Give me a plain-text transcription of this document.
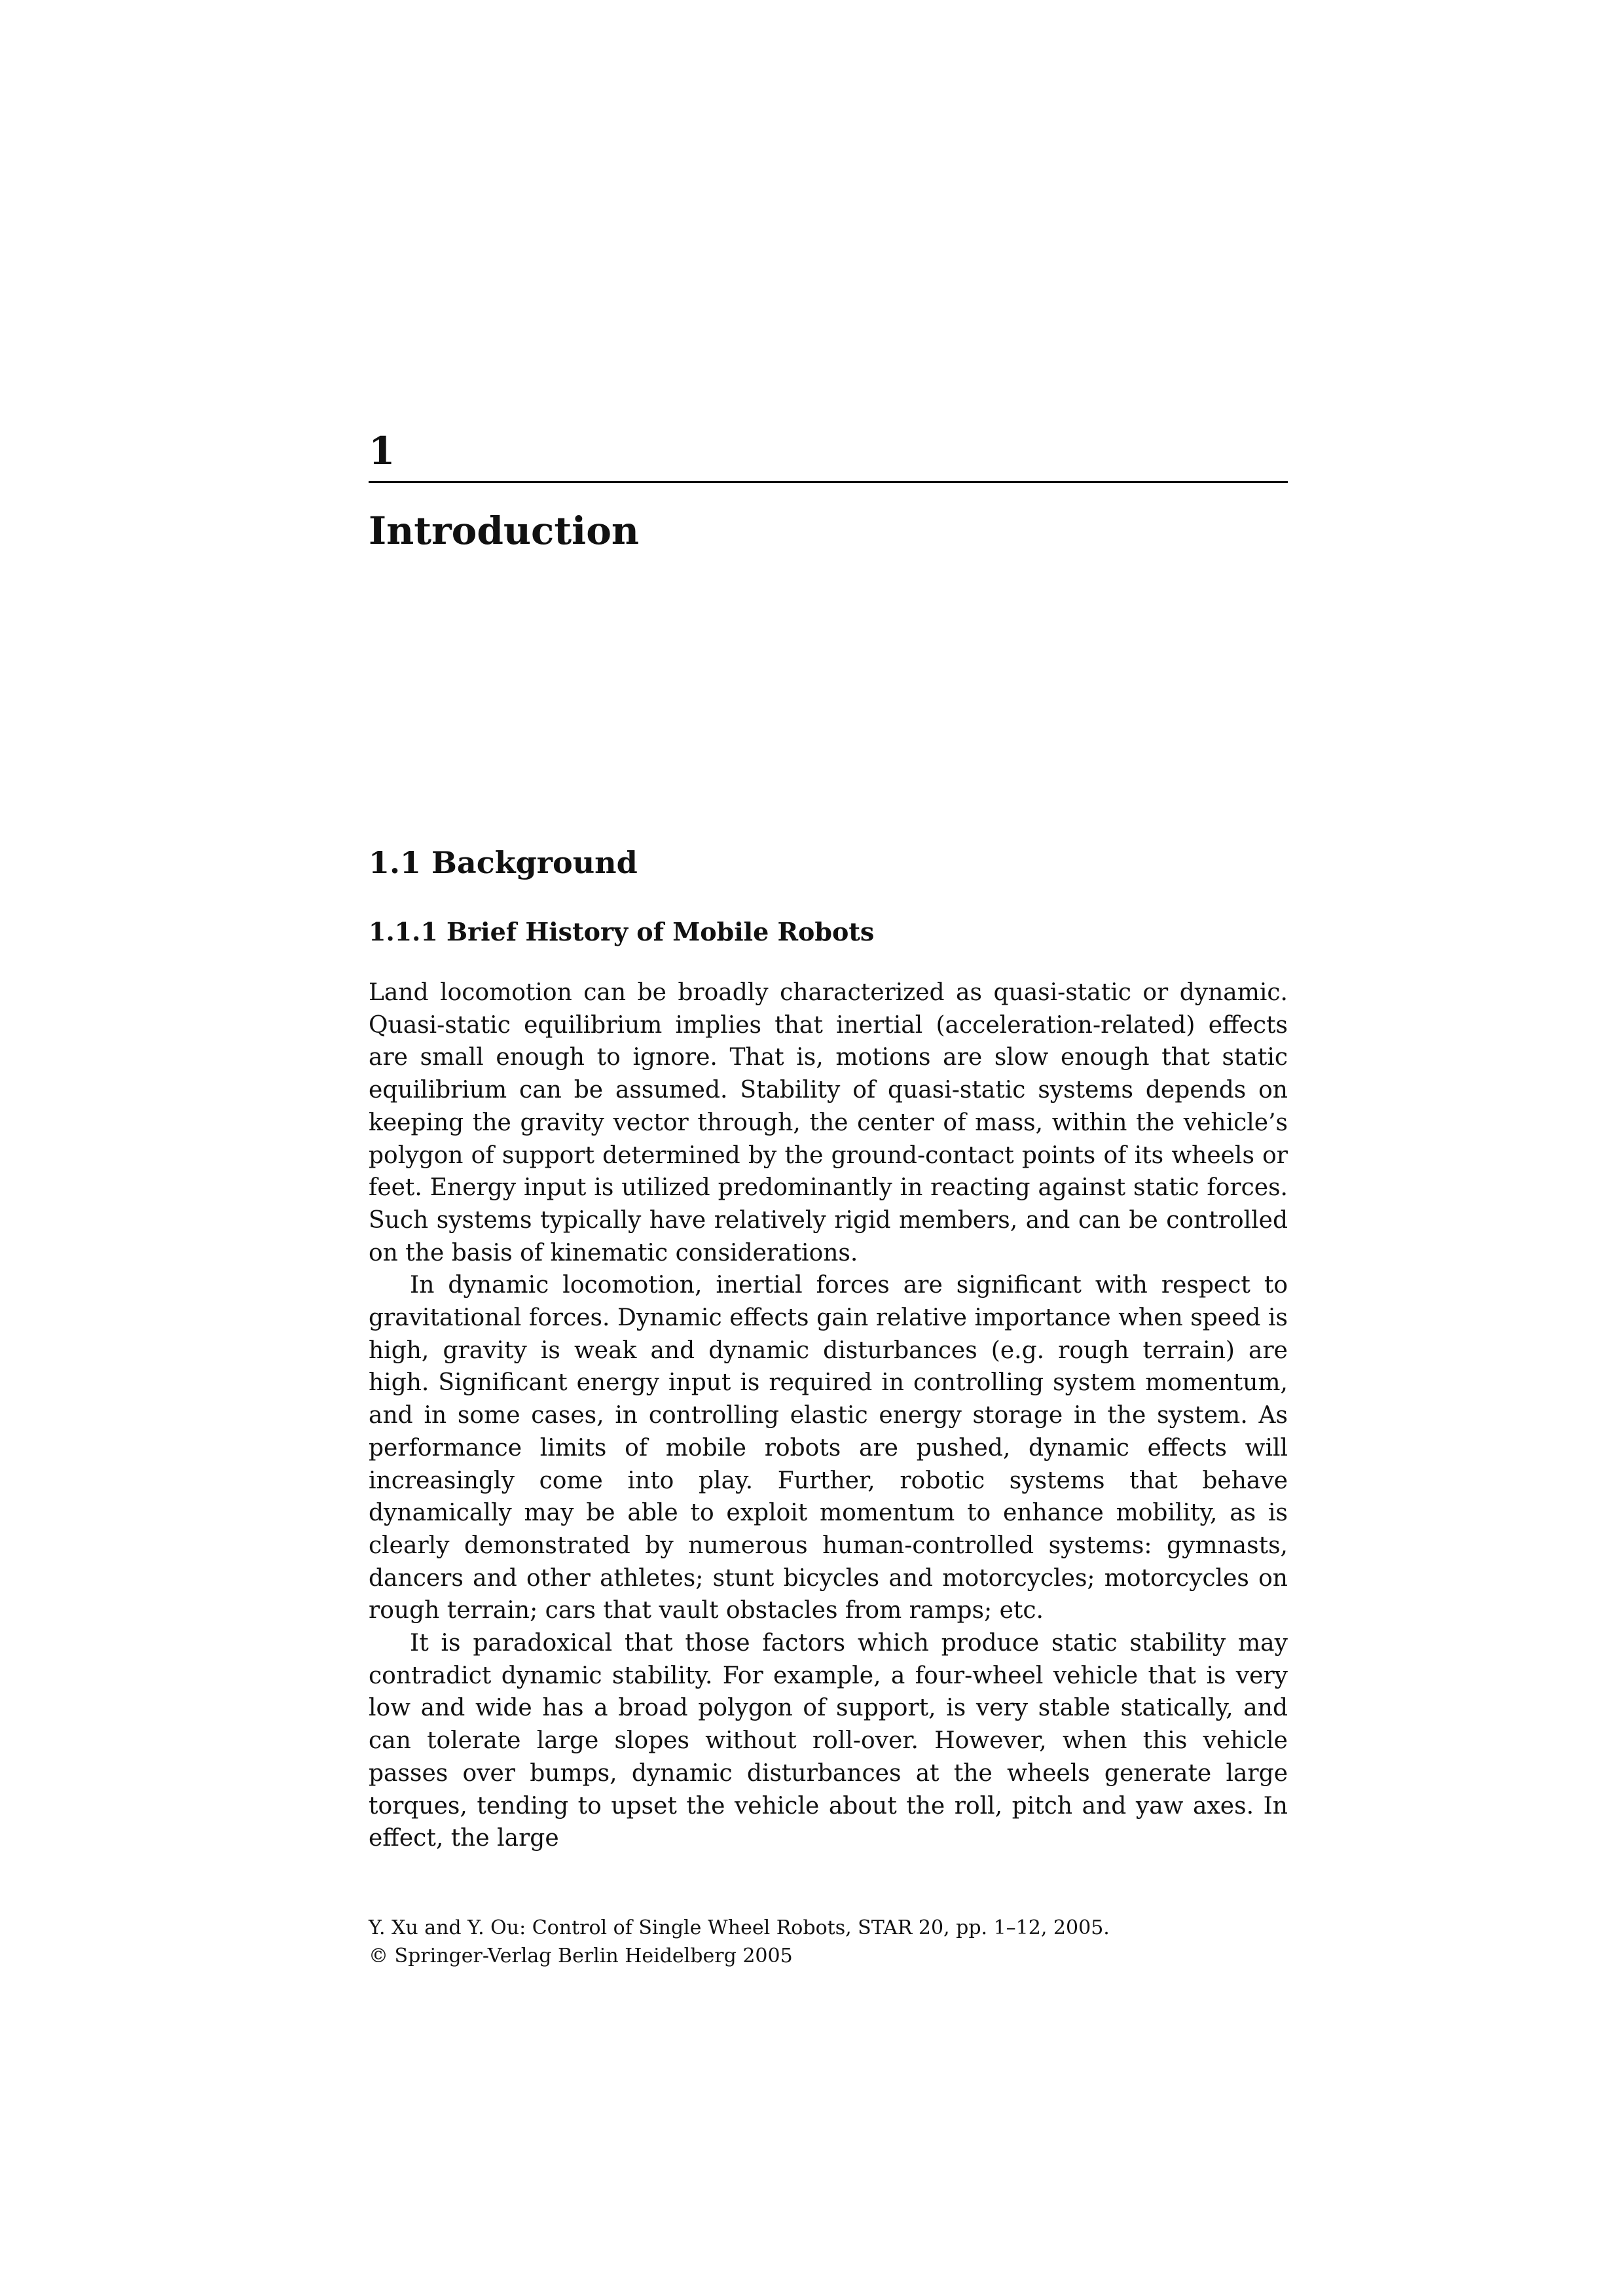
1
Introduction
1.1 Background
1.1.1 Brief History of Mobile Robots

Land locomotion can be broadly characterized as quasi-static or dynamic. Quasi-static equilibrium implies that inertial (acceleration-related) effects are small enough to ignore. That is, motions are slow enough that static equilibrium can be assumed. Stability of quasi-static systems depends on keeping the gravity vector through, the center of mass, within the vehicle’s polygon of support determined by the ground-contact points of its wheels or feet. Energy input is utilized predominantly in reacting against static forces. Such systems typically have relatively rigid members, and can be controlled on the basis of kinematic considerations.

In dynamic locomotion, inertial forces are significant with respect to gravitational forces. Dynamic effects gain relative importance when speed is high, gravity is weak and dynamic disturbances (e.g. rough terrain) are high. Significant energy input is required in controlling system momentum, and in some cases, in controlling elastic energy storage in the system. As performance limits of mobile robots are pushed, dynamic effects will increasingly come into play. Further, robotic systems that behave dynamically may be able to exploit momentum to enhance mobility, as is clearly demonstrated by numerous human-controlled systems: gymnasts, dancers and other athletes; stunt bicycles and motorcycles; motorcycles on rough terrain; cars that vault obstacles from ramps; etc.

It is paradoxical that those factors which produce static stability may contradict dynamic stability. For example, a four-wheel vehicle that is very low and wide has a broad polygon of support, is very stable statically, and can tolerate large slopes without roll-over. However, when this vehicle passes over bumps, dynamic disturbances at the wheels generate large torques, tending to upset the vehicle about the roll, pitch and yaw axes. In effect, the large

Y. Xu and Y. Ou: Control of Single Wheel Robots, STAR 20, pp. 1–12, 2005.
© Springer-Verlag Berlin Heidelberg 2005
